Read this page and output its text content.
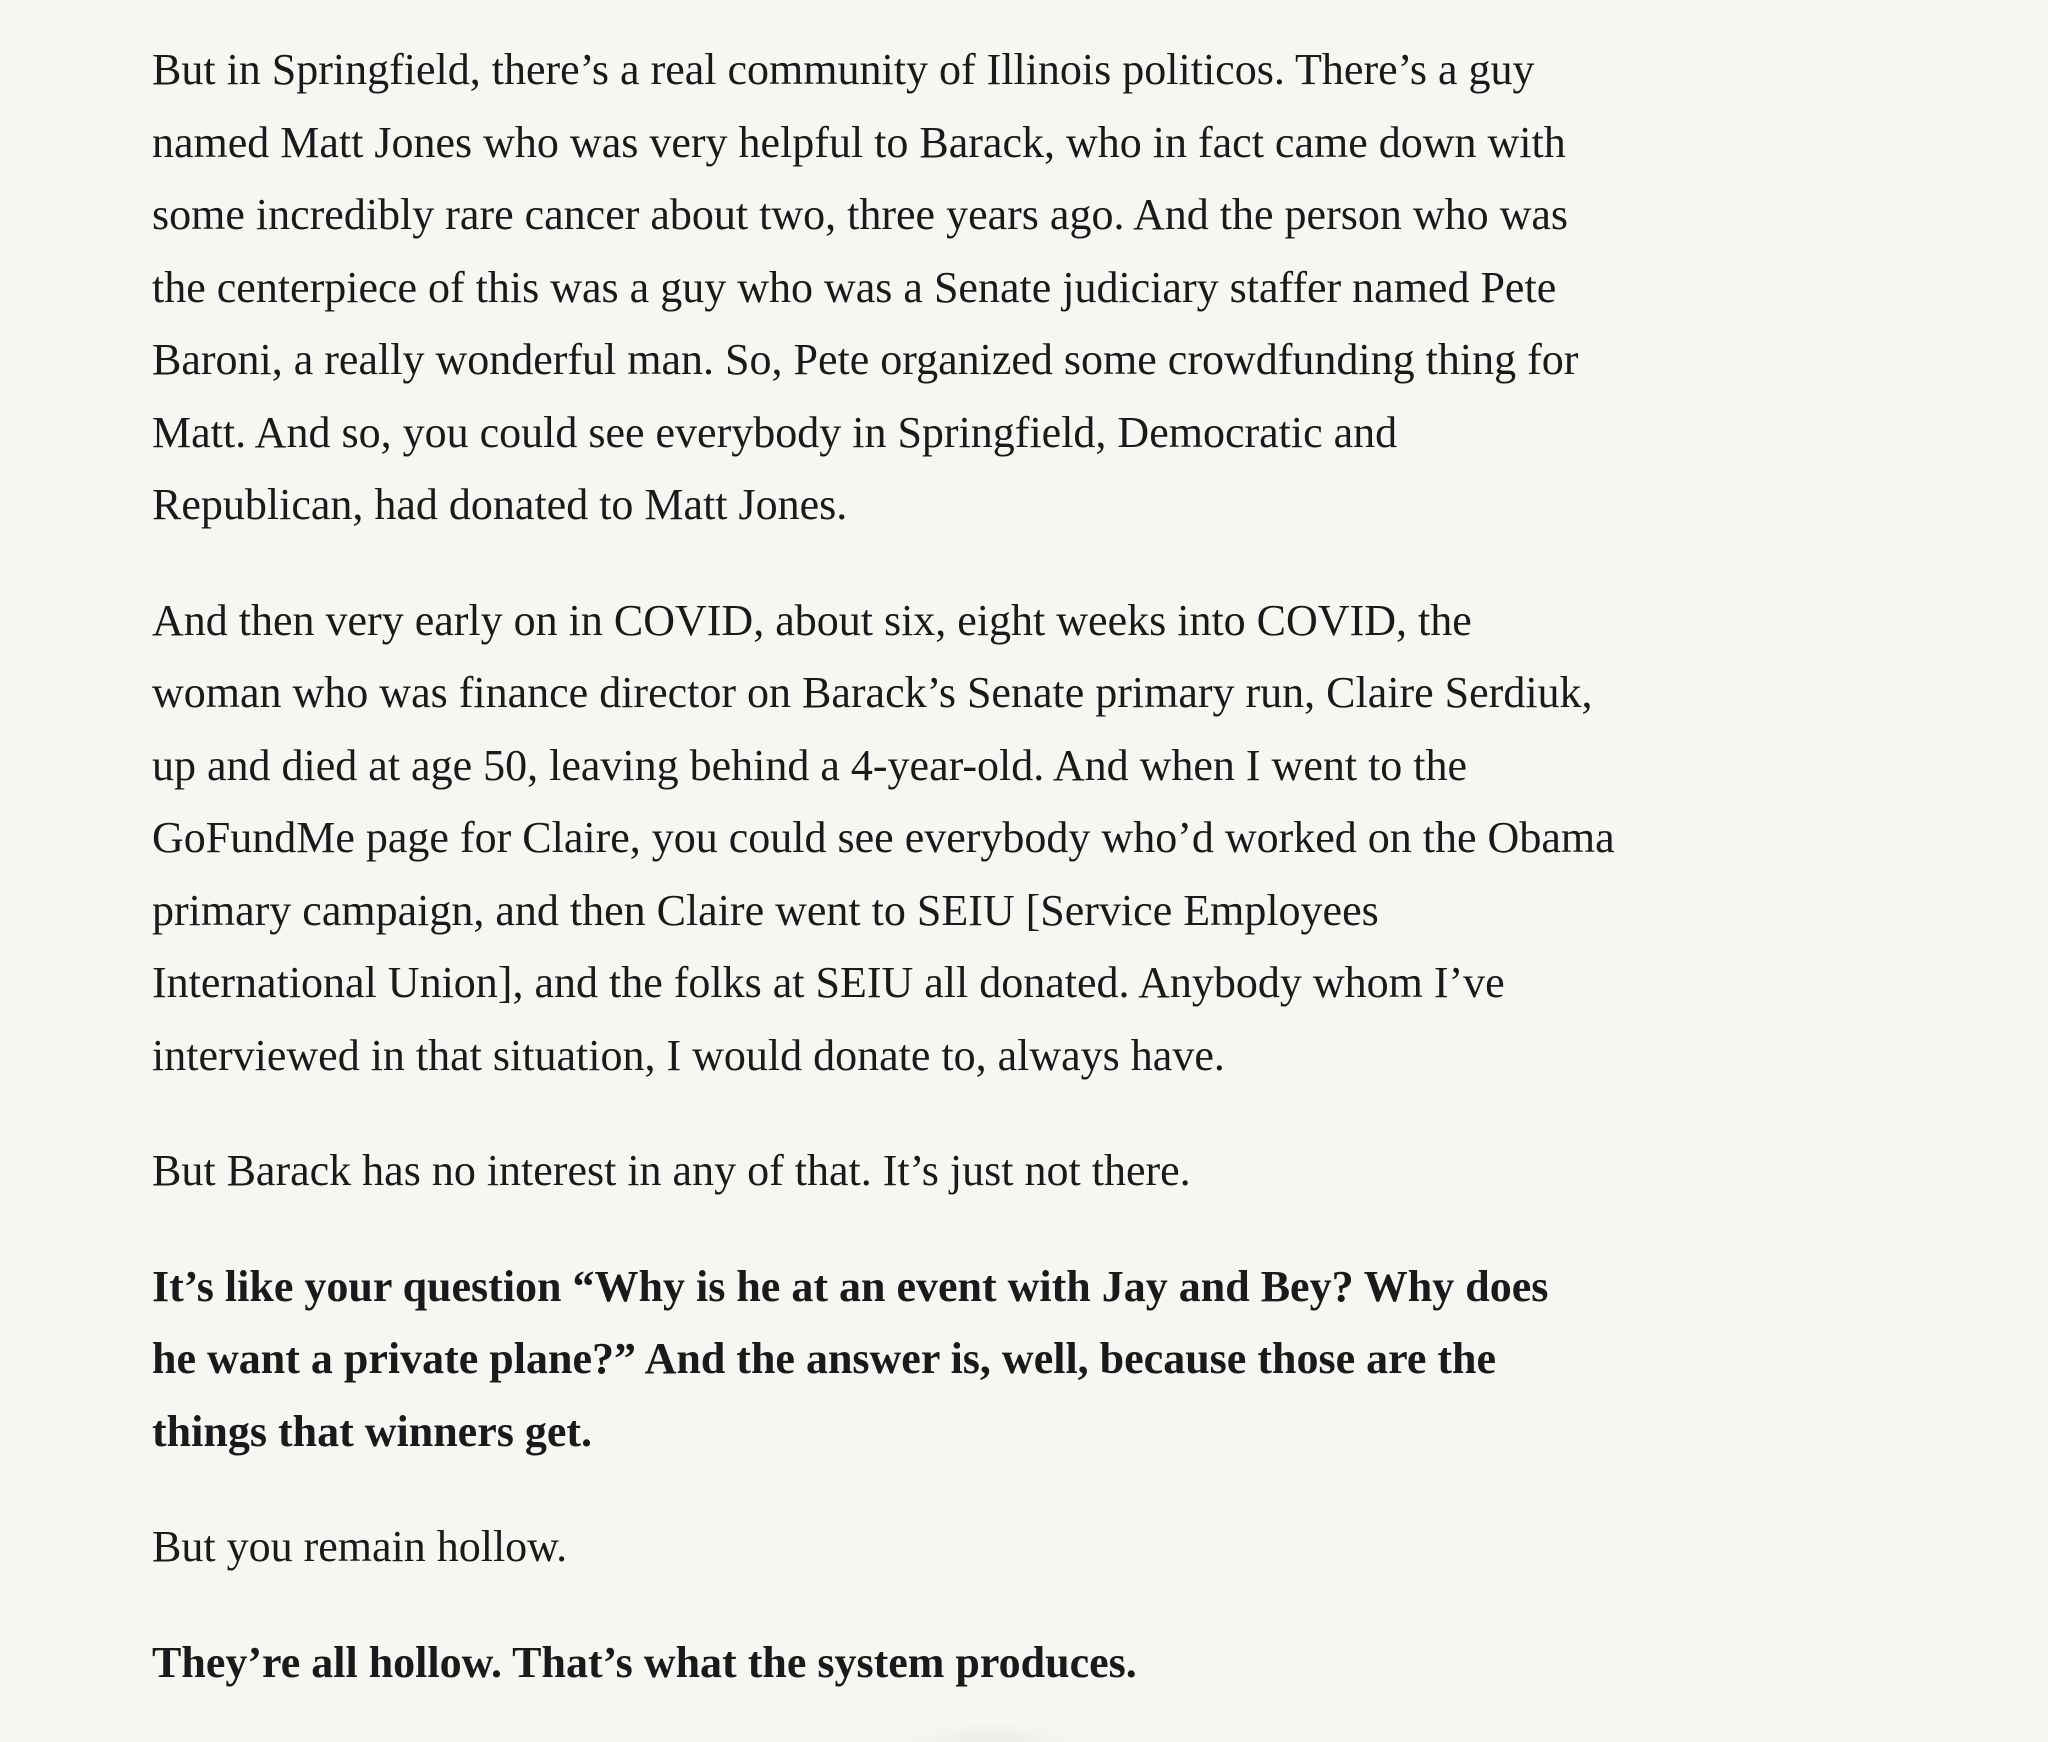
But in Springfield, there’s a real community of Illinois politicos. There’s a guy
named Matt Jones who was very helpful to Barack, who in fact came down with
some incredibly rare cancer about two, three years ago. And the person who was
the centerpiece of this was a guy who was a Senate judiciary staffer named Pete
Baroni, a really wonderful man. So, Pete organized some crowdfunding thing for
Matt. And so, you could see everybody in Springfield, Democratic and
Republican, had donated to Matt Jones.

And then very early on in COVID, about six, eight weeks into COVID, the
woman who was finance director on Barack’s Senate primary run, Claire Serdiuk,
up and died at age 50, leaving behind a 4-year-old. And when I went to the
GoFundMe page for Claire, you could see everybody who’d worked on the Obama
primary campaign, and then Claire went to SEIU [Service Employees
International Union], and the folks at SEIU all donated. Anybody whom I’ve
interviewed in that situation, I would donate to, always have.

But Barack has no interest in any of that. It’s just not there.

It’s like your question “Why is he at an event with Jay and Bey? Why does
he want a private plane?” And the answer is, well, because those are the
things that winners get.

But you remain hollow.

They’re all hollow. That’s what the system produces.
